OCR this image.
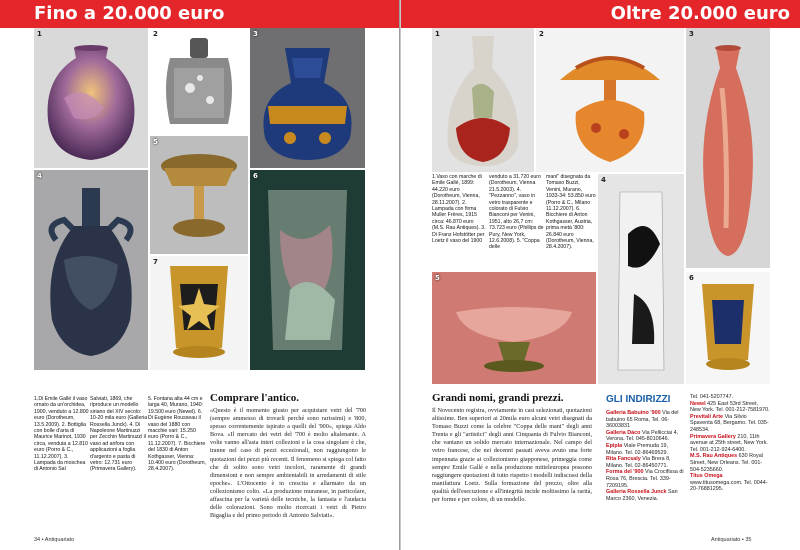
Fino a 20.000 euro
1	2	3
4
5
6
7
1.Di Emile Gallé il vaso ornato da un'orchidea, 1900, venduto a 12.800 euro (Dorotheum, 13.5.2009). 2. Bottiglia con bolle d'aria di Maurice Marinot, 1930 circa, venduta a 12.810 euro (Porro & C., 11.12.2007). 3. Lampada da moschea di Antonio Sal
Salviati, 1869, che riproduce un modello siriano del XIV secolo: 10-20 mila euro (Galleria Rossella Junck). 4. Di Napoleone Martinuzzi per Zecchin Martinuzzi il vaso ad anfora con applicazioni a foglia d'argento e pasta di vetro: 12.731 euro (Primavera Gallery).
5. Fontana alta 44 cm e larga 40, Murano, 1940: 19.500 euro (Newel). 6. Di Eugène Rousseau il vaso del 1880 con macchie vari: 15.250 euro (Porro & C., 11.12.2007). 7. Bicchiere del 1830 di Anton Kothgasser, Vienna: 10.400 euro (Dorotheum, 28.4.2007).
Comprare l'antico.
«Questo è il momento giusto per acquistare vetri del '700 (sempre ammesso di trovarli perché sono rarissimi) e '800, spesso correntemente ispirato a quelli del '900», spiega Aldo Bova. «Il mercato dei vetri del '700 è molto altalenante. A volte vanno all'asta interi collezioni e la cosa singolare è che, tranne nel caso di pezzi eccezionali, non raggiungono le quotazioni dei pezzi più recenti. Il fenomeno si spiega col fatto che di solito sono vetri incolori, raramente di grandi dimensioni e non sempre ambientabili in arredamenti di stile epoche». L'Ottocento è in crescita e allarmato da un collezionismo colto. «La produzione muranese, in particolare, affascina per la varietà delle tecniche, la fantasia e l'audacia delle colorazioni. Sono molto ricercati i vetri di Pietro Bigaglia e del primo periodo di Antonio Salviati».
34 • Antiquariato
Oltre 20.000 euro
1	2	3
1.Vaso con marche di Emile Gallé, 1899: 44.220 euro (Dorotheum, Vienna, 28.11.2007). 2. Lampada con firma Muller Frères, 1915 circa: 46.870 euro (M.S. Rau Antiques). 3. Di Franz Hofstötter per Loetz il vaso del 1900
venduto a 31.720 euro (Dorotheum, Vienna 21.5.2003). 4. "Pezzanno", vaso in vetro trasparente e colorato di Fulvio Bianconi per Venini, 1951, alto 26,7 cm: 73.723 euro (Phillips de Pury, New York, 12.6.2008). 5. "Coppa delle
mani" disegnata da Tomaso Buzzi, Venini, Murano, 1933-34: 53.850 euro (Porro & C., Milano 11.12.2007). 6. Bicchiere di Anton Kothgasser, Austria, prima metà '800: 26.840 euro (Dorotheum, Vienna, 28.4.2007).
4
5	6
Grandi nomi, grandi prezzi.
Il Novecento registra, ovviamente in casi selezionati, quotazioni altissime. Ben superiori ai 20mila euro alcuni vetri disegnati da Tomaso Buzzi come la celebre "Coppa delle mani" degli anni Trenta e gli "artistici" degli anni Cinquanta di Fulvio Bianconi, che vantano un solido mercato internazionale. Nel campo del vetro francese, che nei decenni passati aveva avuto una forte impennata grazie ai collezionismo giapponese, primeggia come sempre Emile Gallé e nella produzione mitteleuropea possono raggiungere quotazioni di tutto rispetto i modelli indiscussi della manifattura Loetz. Sulla formazione del prezzo, oltre alla qualità dell'esecuzione e all'integrità incide moltissimo la rarità, per forme e per colore, di un modello.
GLI INDIRIZZI
Galleria Babuino '900 Via del babuino 65 Roma, Tel. 06-36003831
Galleria Dàco Via Pellicciai 4, Verona. Tel. 045-8010646.
Epipla Viale Premuda 19, Milano. Tel. 02-86469529.
Rita Fancsaly Via Brera 8, Milano. Tel. 02-86450771.
Forma del '900 Via Crocifissa di Rosa 76, Brescia. Tel. 339-7209195.
Galleria Rossella Junck San Marco 2360, Venezia.
Tel. 041-5207747.
Newel 425 East 53rd Street, New York. Tel. 001-212-7581970.
Previtali Arte Via Silvio Spaventa 68, Bergamo. Tel. 035-248534.
Primavera Gallery 210, 11th avenue at 25th street, New York. Tel. 001-212-924-6400.
M.S. Rau Antiques 630 Royal Street, New Orleans. Tel. 001-504-5235660.
Titus Omega www.titusomega.com. Tel. 0044-20-76881295.
Antiquariato • 35
